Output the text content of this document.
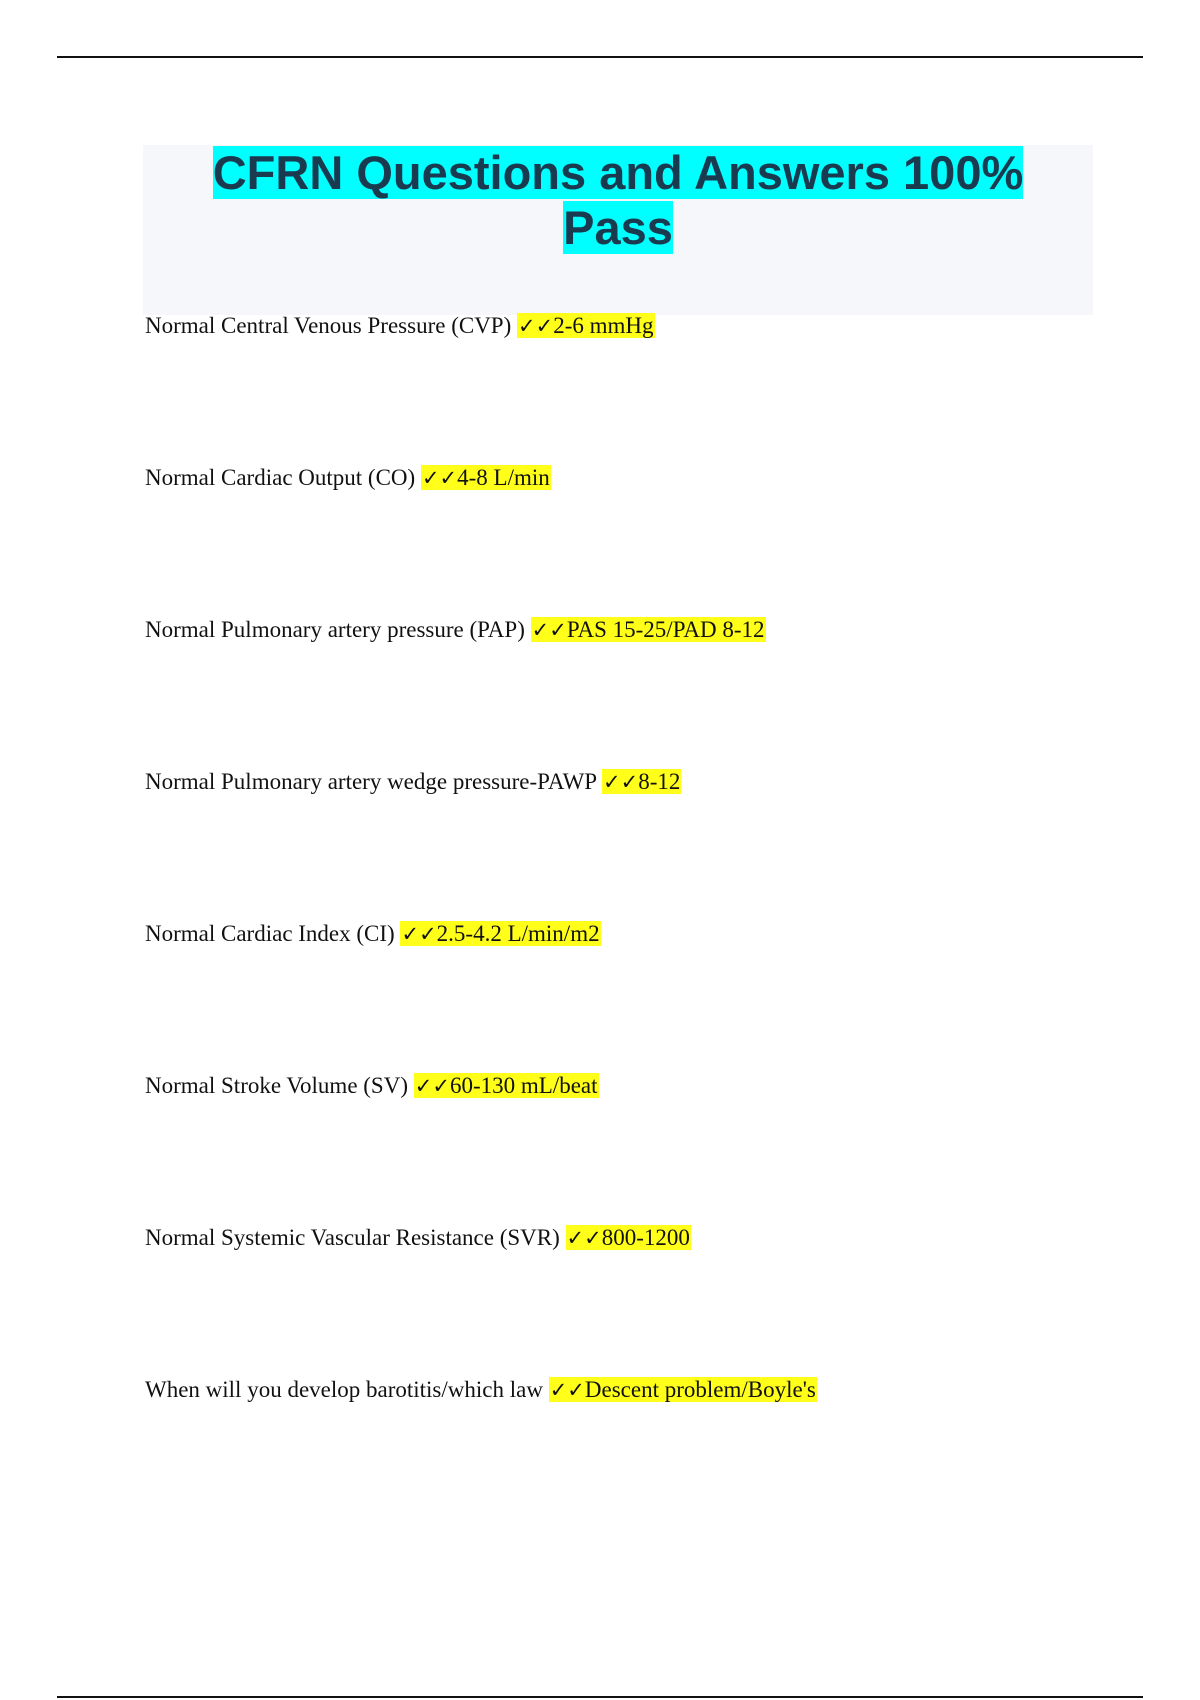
CFRN Questions and Answers 100%
Pass
Normal Central Venous Pressure (CVP) ✓✓2-6 mmHg
Normal Cardiac Output (CO) ✓✓4-8 L/min
Normal Pulmonary artery pressure (PAP) ✓✓PAS 15-25/PAD 8-12
Normal Pulmonary artery wedge pressure-PAWP ✓✓8-12
Normal Cardiac Index (CI) ✓✓2.5-4.2 L/min/m2
Normal Stroke Volume (SV) ✓✓60-130 mL/beat
Normal Systemic Vascular Resistance (SVR) ✓✓800-1200
When will you develop barotitis/which law ✓✓Descent problem/Boyle's
